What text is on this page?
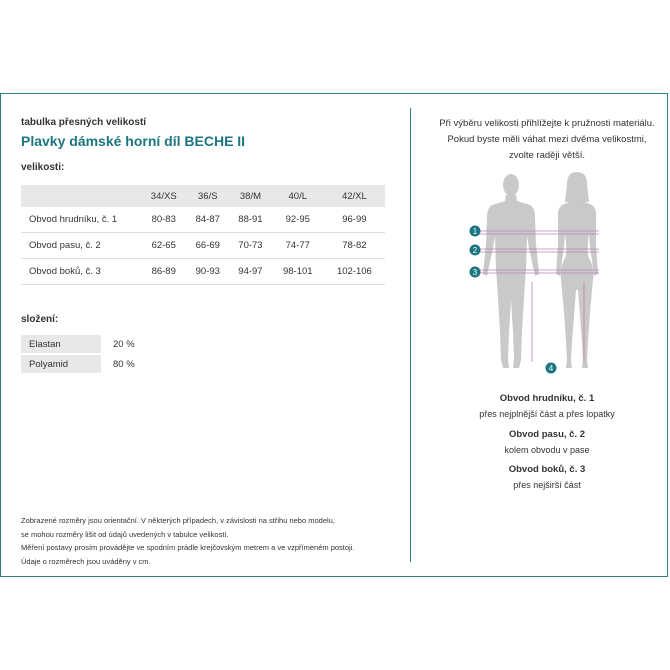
tabulka přesných velikostí
Plavky dámské horní díl BECHE II
velikosti:
	34/XS	36/S	38/M	40/L	42/XL
Obvod hrudníku, č. 1	80-83	84-87	88-91	92-95	96-99
Obvod pasu, č. 2	62-65	66-69	70-73	74-77	78-82
Obvod boků, č. 3	86-89	90-93	94-97	98-101	102-106
složení:
Elastan	20 %
Polyamid	80 %
Zobrazené rozměry jsou orientační. V některých případech, v závislosti na střihu nebo modelu,
se mohou rozměry lišit od údajů uvedených v tabulce velikostí.
Měření postavy prosím provádějte ve spodním prádle krejčovským metrem a ve vzpřímeném postoji.
Údaje o rozměrech jsou uváděny v cm.
Při výběru velikosti přihlížejte k pružnosti materiálu.
Pokud byste měli váhat mezi dvěma velikostmi,
zvolte raději větší.
1
2
3
4
Obvod hrudníku, č. 1
přes nejplnější část a přes lopatky
Obvod pasu, č. 2
kolem obvodu v pase
Obvod boků, č. 3
přes nejširší část
